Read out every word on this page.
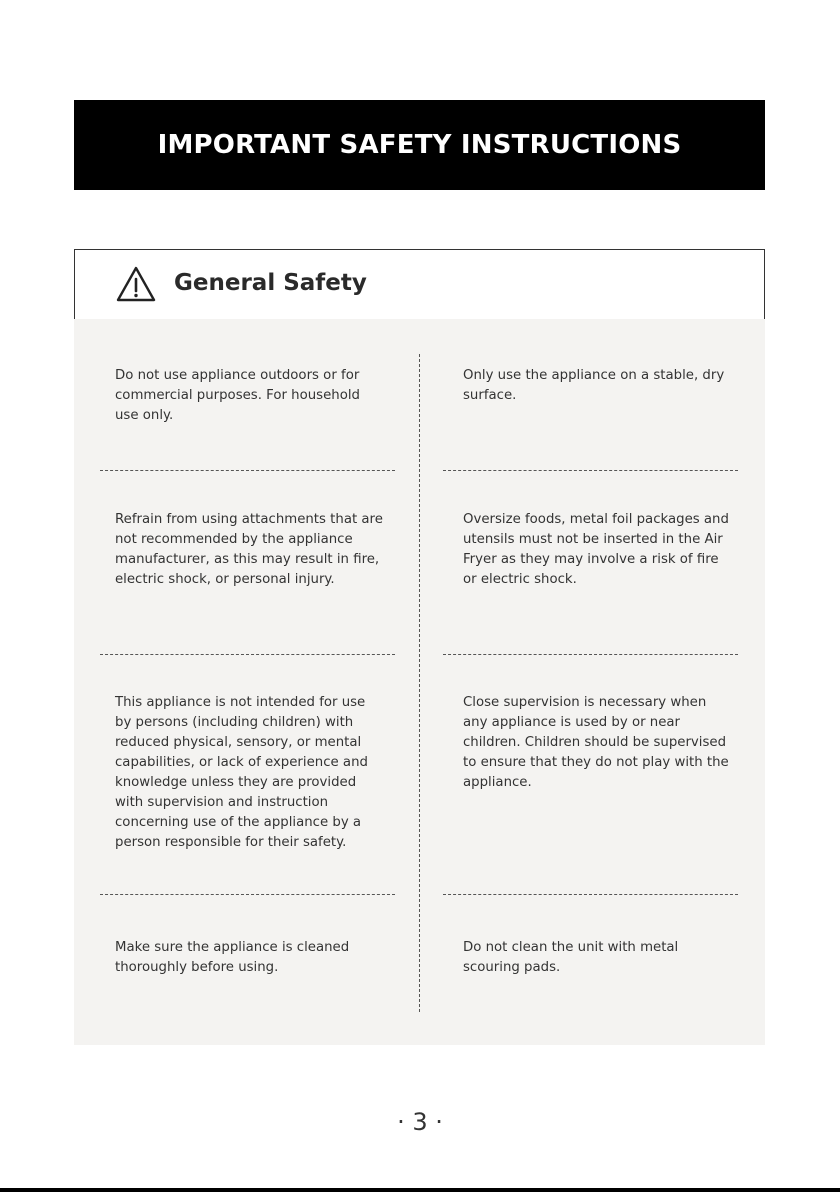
IMPORTANT SAFETY INSTRUCTIONS
General Safety
Do not use appliance outdoors or for commercial purposes. For household use only.
Only use the appliance on a stable, dry surface.
Refrain from using attachments that are not recommended by the appliance manufacturer, as this may result in fire, electric shock, or personal injury.
Oversize foods, metal foil packages and utensils must not be inserted in the Air Fryer as they may involve a risk of fire or electric shock.
This appliance is not intended for use by persons (including children) with reduced physical, sensory, or mental capabilities, or lack of experience and knowledge unless they are provided with supervision and instruction concerning use of the appliance by a person responsible for their safety.
Close supervision is necessary when any appliance is used by or near children. Children should be supervised to ensure that they do not play with the appliance.
Make sure the appliance is cleaned thoroughly before using.
Do not clean the unit with metal scouring pads.
· 3 ·
